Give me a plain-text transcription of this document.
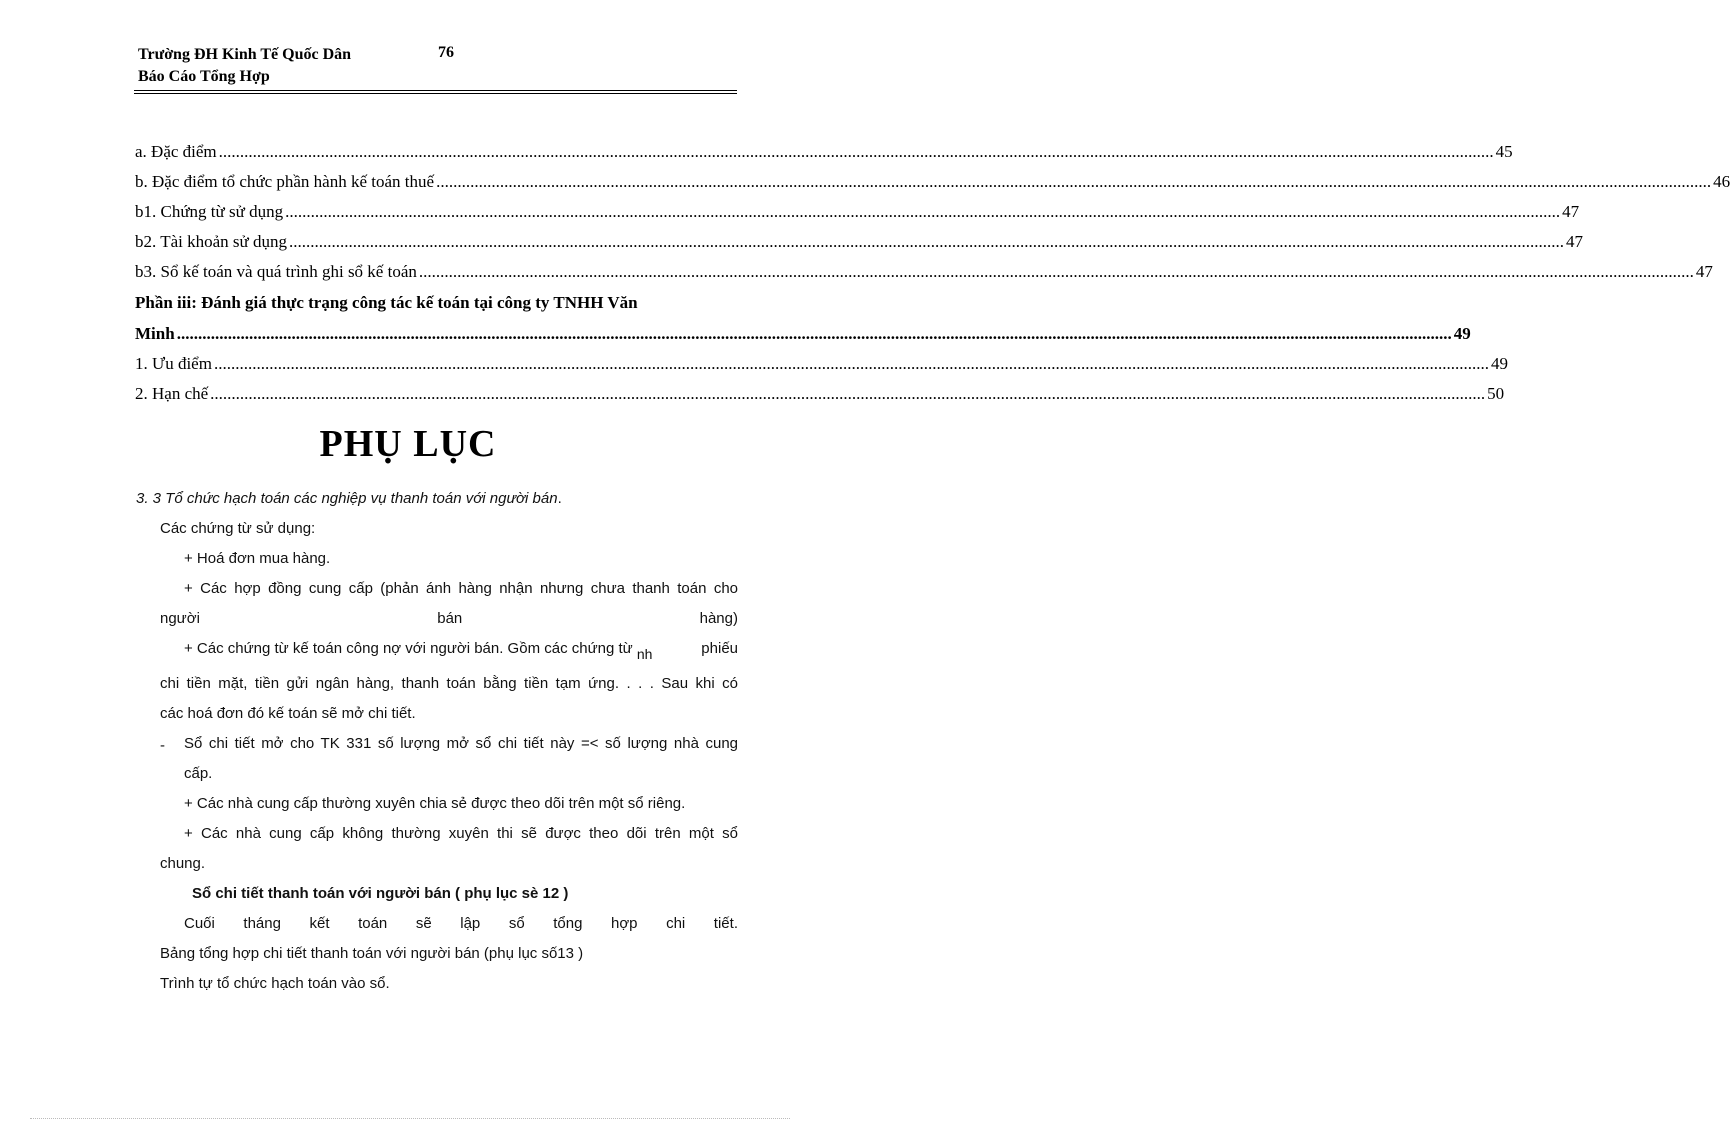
Trường ĐH Kinh Tế Quốc Dân	76
Báo Cáo Tổng Hợp
a. Đặc điểm ............................................................................................................................................................................................................................................................................................................ 45
b. Đặc điểm tổ chức phần hành kế toán thuế ............................................................................................................................................................................................................................................................................................................ 46
b1. Chứng từ sử dụng ............................................................................................................................................................................................................................................................................................................ 47
b2. Tài khoản sử dụng ............................................................................................................................................................................................................................................................................................................ 47
b3. Sổ kế toán và quá trình ghi sổ kế toán ............................................................................................................................................................................................................................................................................................................ 47
Phần iii: Đánh giá thực trạng công tác kế toán tại công ty TNHH Văn
Minh ............................................................................................................................................................................................................................................................................................................ 49
1. Ưu điểm ............................................................................................................................................................................................................................................................................................................ 49
2. Hạn chế ............................................................................................................................................................................................................................................................................................................ 50
PHỤ LỤC
3. 3 Tổ chức hạch toán các nghiệp vụ thanh toán với người bán.
Các chứng từ sử dụng:
+ Hoá đơn mua hàng.
+ Các hợp đồng cung cấp (phản ánh hàng nhận nhưng chưa thanh toán cho
người	bán	hàng)
+ Các chứng từ kế toán công nợ với người bán. Gồm các chứng từ $_{nh}$	phiếu
chi tiền mặt, tiền gửi ngân hàng, thanh toán bằng tiền tạm ứng. . . . Sau khi có
các hoá đơn đó kế toán sẽ mở chi tiết.
- Sổ chi tiết mở cho TK 331 số lượng mở sổ chi tiết này =< số lượng nhà cung
cấp.
+ Các nhà cung cấp thường xuyên chia sẻ được theo dõi trên một sổ riêng.
+ Các nhà cung cấp không thường xuyên thi sẽ được theo dõi trên một sổ
chung.
Sổ chi tiết thanh toán với người bán ( phụ lục sè 12 )
Cuối tháng kết toán sẽ lập sổ tổng hợp chi tiết.
Bảng tổng hợp chi tiết thanh toán với người bán (phụ lục số13 )
Trình tự tổ chức hạch toán vào sổ.
